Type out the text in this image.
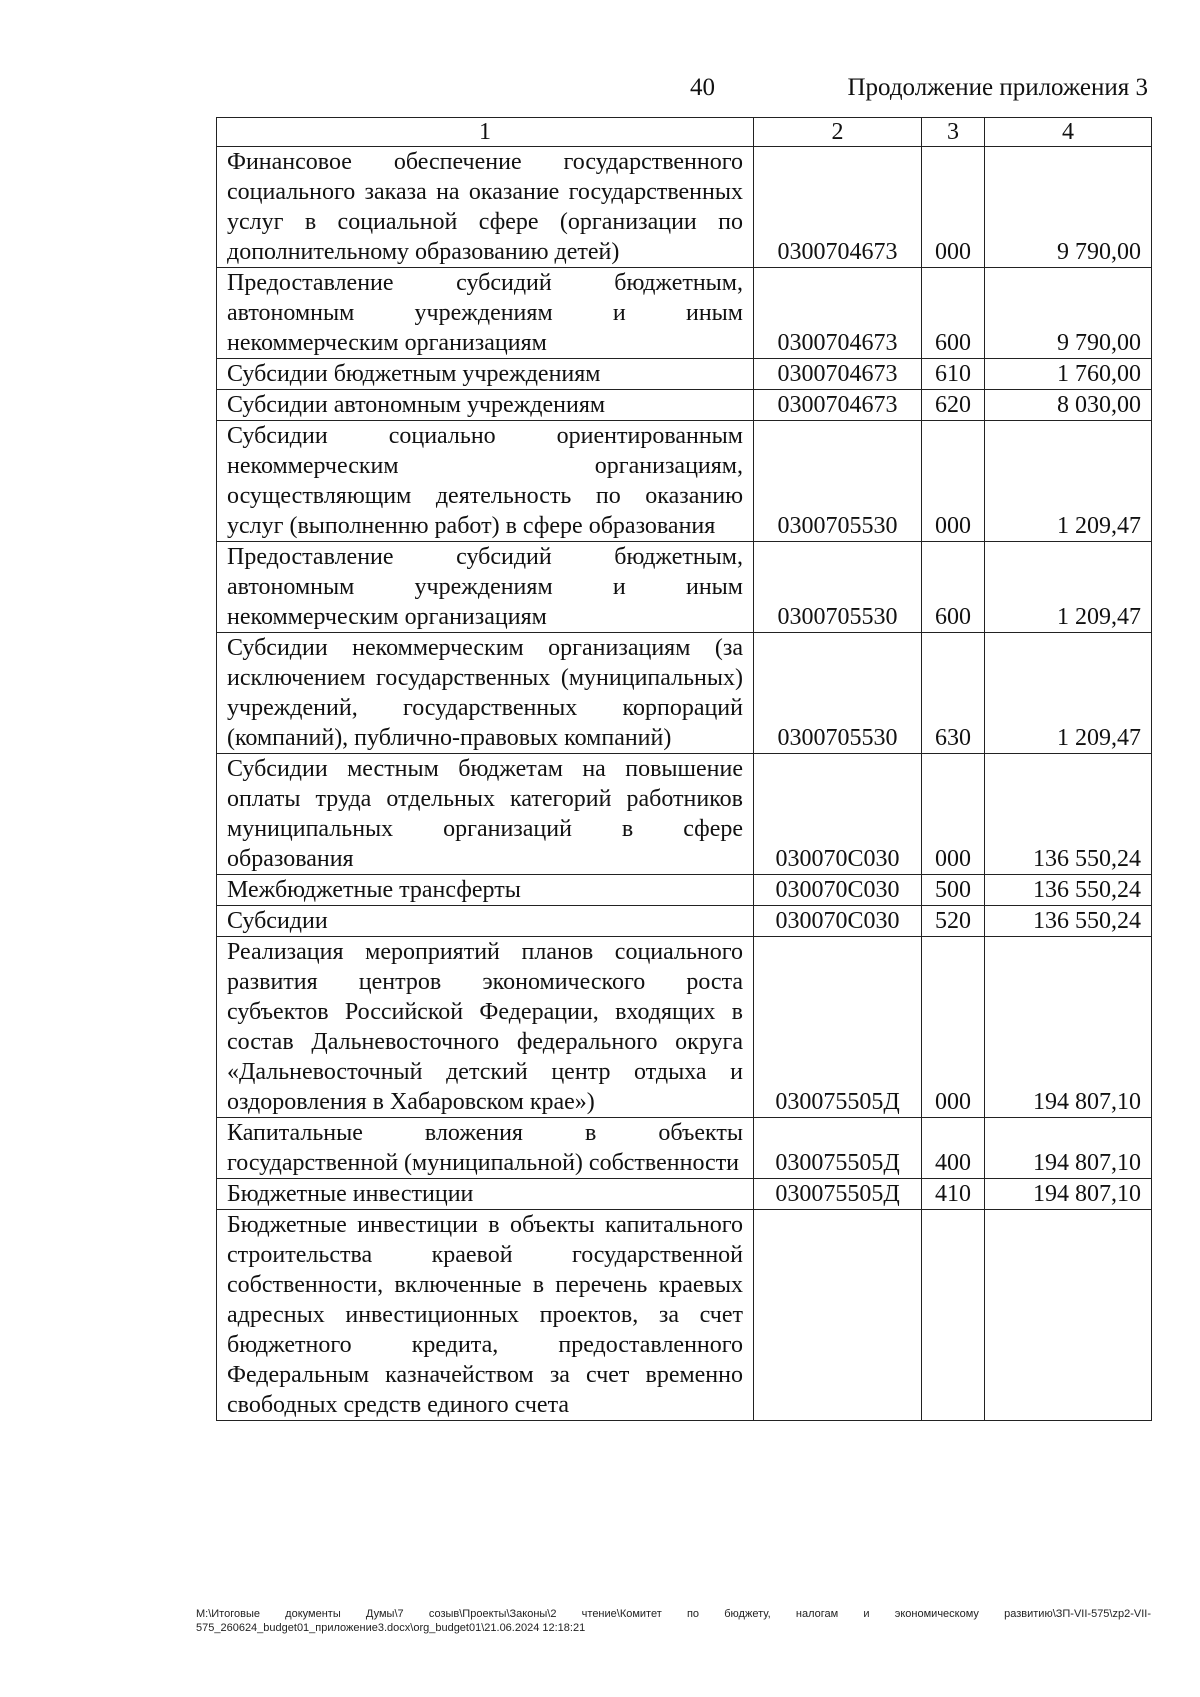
40	Продолжение приложения 3
1	2	3	4
Финансовое обеспечение государственного социального заказа на оказание государственных услуг в социальной сфере (организации по дополнительному образованию детей)	0300704673	000	9 790,00
Предоставление субсидий бюджетным, автономным учреждениям и иным некоммерческим организациям	0300704673	600	9 790,00
Субсидии бюджетным учреждениям	0300704673	610	1 760,00
Субсидии автономным учреждениям	0300704673	620	8 030,00
Субсидии социально ориентированным некоммерческим организациям, осуществляющим деятельность по оказанию услуг (выполненню работ) в сфере образования	0300705530	000	1 209,47
Предоставление субсидий бюджетным, автономным учреждениям и иным некоммерческим организациям	0300705530	600	1 209,47
Субсидии некоммерческим организациям (за исключением государственных (муниципальных) учреждений, государственных корпораций (компаний), публично-правовых компаний)	0300705530	630	1 209,47
Субсидии местным бюджетам на повышение оплаты труда отдельных категорий работников муниципальных организаций в сфере образования	030070С030	000	136 550,24
Межбюджетные трансферты	030070С030	500	136 550,24
Субсидии	030070С030	520	136 550,24
Реализация мероприятий планов социального развития центров экономического роста субъектов Российской Федерации, входящих в состав Дальневосточного федерального округа «Дальневосточный детский центр отдыха и оздоровления в Хабаровском крае»)	030075505Д	000	194 807,10
Капитальные вложения в объекты государственной (муниципальной) собственности	030075505Д	400	194 807,10
Бюджетные инвестиции	030075505Д	410	194 807,10
Бюджетные инвестиции в объекты капитального строительства краевой государственной собственности, включенные в перечень краевых адресных инвестиционных проектов, за счет бюджетного кредита, предоставленного Федеральным казначейством за счет временно свободных средств единого счета			
М:\Итоговые документы Думы\7 созыв\Проекты\Законы\2 чтение\Комитет по бюджету, налогам и экономическому развитию\ЗП-VII-575\zp2-VII-575_260624_budget01_приложение3.docx\org_budget01\21.06.2024 12:18:21
